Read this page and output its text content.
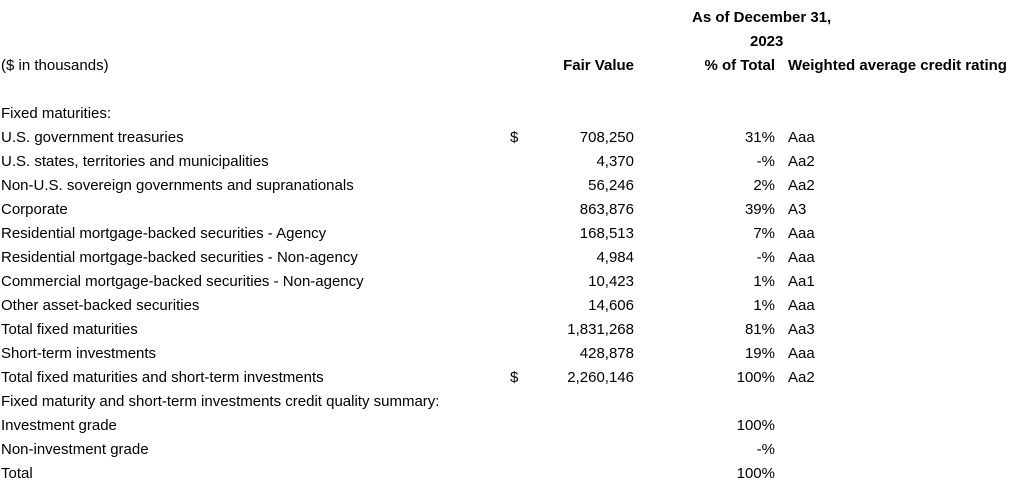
As of December 31,
2023
($ in thousands)	Fair Value	% of Total Weighted average credit rating
Fixed maturities:
U.S. government treasuries	$	708,250	31% Aaa
U.S. states, territories and municipalities	4,370	-% Aa2
Non-U.S. sovereign governments and supranationals	56,246	2% Aa2
Corporate	863,876	39% A3
Residential mortgage-backed securities - Agency	168,513	7% Aaa
Residential mortgage-backed securities - Non-agency	4,984	-% Aaa
Commercial mortgage-backed securities - Non-agency	10,423	1% Aa1
Other asset-backed securities	14,606	1% Aaa
Total fixed maturities	1,831,268	81% Aa3
Short-term investments	428,878	19% Aaa
Total fixed maturities and short-term investments	$	2,260,146	100% Aa2
Fixed maturity and short-term investments credit quality summary:
Investment grade	100%
Non-investment grade	-%
Total	100%
